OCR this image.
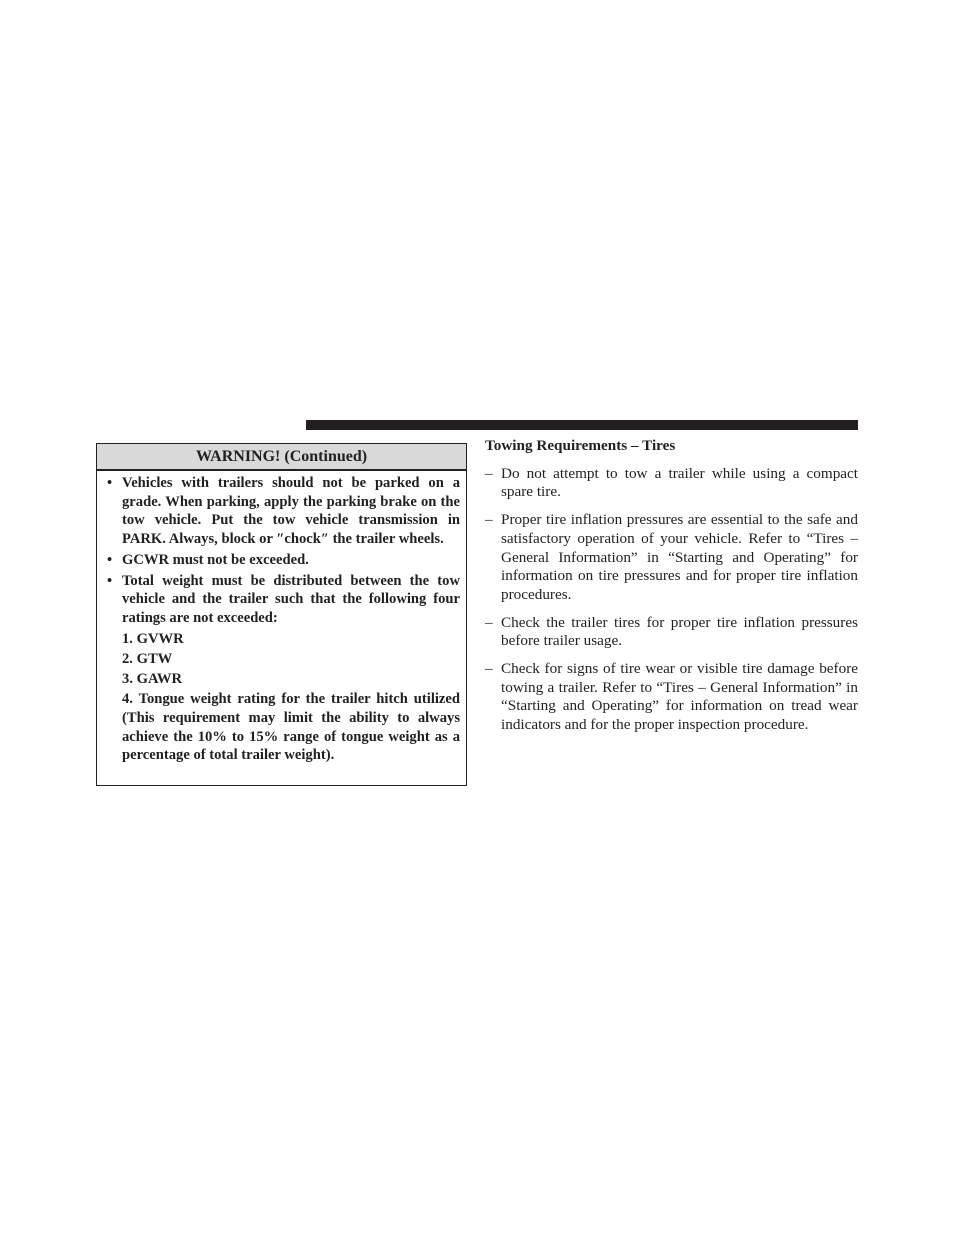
WARNING! (Continued)
• Vehicles with trailers should not be parked on a grade. When parking, apply the parking brake on the tow vehicle. Put the tow vehicle transmission in PARK. Always, block or ″chock″ the trailer wheels.
• GCWR must not be exceeded.
• Total weight must be distributed between the tow vehicle and the trailer such that the following four ratings are not exceeded:
1. GVWR
2. GTW
3. GAWR
4. Tongue weight rating for the trailer hitch utilized (This requirement may limit the ability to always achieve the 10% to 15% range of tongue weight as a percentage of total trailer weight).
Towing Requirements – Tires
– Do not attempt to tow a trailer while using a compact spare tire.
– Proper tire inflation pressures are essential to the safe and satisfactory operation of your vehicle. Refer to “Tires – General Information” in “Starting and Operating” for information on tire pressures and for proper tire inflation procedures.
– Check the trailer tires for proper tire inflation pressures before trailer usage.
– Check for signs of tire wear or visible tire damage before towing a trailer. Refer to “Tires – General Information” in “Starting and Operating” for information on tread wear indicators and for the proper inspection procedure.
